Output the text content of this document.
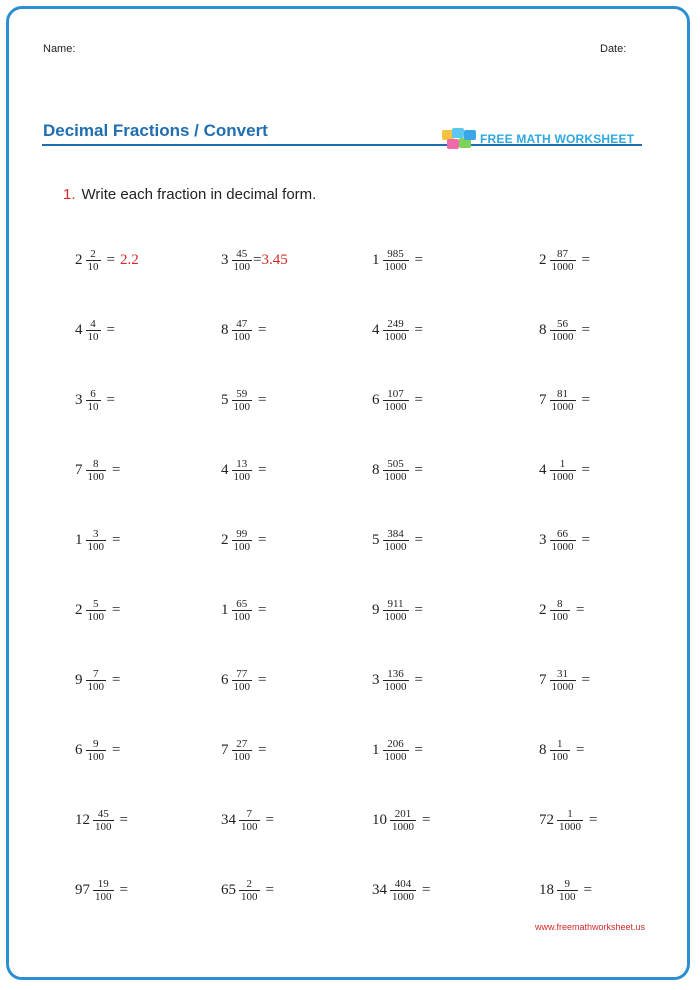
Name:	Date:
Decimal Fractions / Convert	FREE MATH WORKSHEET
1. Write each fraction in decimal form.
$2 \frac{2}{10} = 2.2$	$3 \frac{45}{100} = 3.45$	$1 \frac{985}{1000}$ =	$2 \frac{87}{1000}$ =
$4 \frac{4}{10}$ =	$8 \frac{47}{100}$ =	$4 \frac{249}{1000}$ =	$8 \frac{56}{1000}$ =
$3 \frac{6}{10}$ =	$5 \frac{59}{100}$ =	$6 \frac{107}{1000}$ =	$7 \frac{81}{1000}$ =
$7 \frac{8}{100}$ =	$4 \frac{13}{100}$ =	$8 \frac{505}{1000}$ =	$4 \frac{1}{1000}$ =
$1 \frac{3}{100}$ =	$2 \frac{99}{100}$ =	$5 \frac{384}{1000}$ =	$3 \frac{66}{1000}$ =
$2 \frac{5}{100}$ =	$1 \frac{65}{100}$ =	$9 \frac{911}{1000}$ =	$2 \frac{8}{100}$ =
$9 \frac{7}{100}$ =	$6 \frac{77}{100}$ =	$3 \frac{136}{1000}$ =	$7 \frac{31}{1000}$ =
$6 \frac{9}{100}$ =	$7 \frac{27}{100}$ =	$1 \frac{206}{1000}$ =	$8 \frac{1}{100}$ =
$12 \frac{45}{100}$ =	$34 \frac{7}{100}$ =	$10 \frac{201}{1000}$ =	$72 \frac{1}{1000}$ =
$97 \frac{19}{100}$ =	$65 \frac{2}{100}$ =	$34 \frac{404}{1000}$ =	$18 \frac{9}{100}$ =
www.freemathworksheet.us
